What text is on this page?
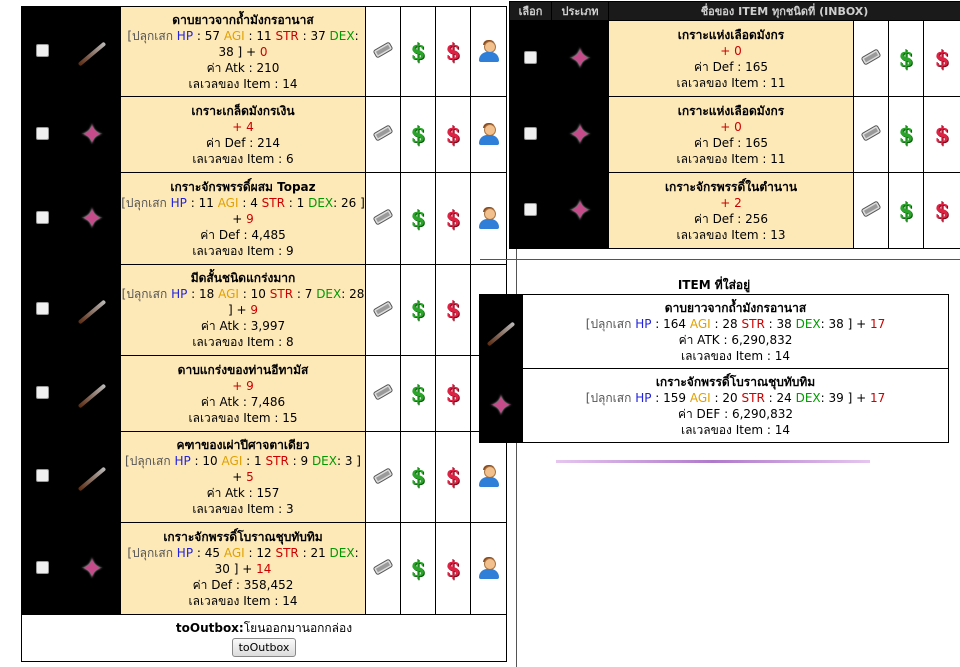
		ดาบยาวจากถ้ำมังกรอานาส
[ปลุกเสก HP : 57 AGI : 11 STR : 37 DEX: 38 ] + 0
ค่า Atk : 210
เลเวลของ Item : 14		$	$	

	✦	เกราะเกล็ดมังกรเงิน
+ 4
ค่า Def : 214
เลเวลของ Item : 6		$	$	

	✦	เกราะจักรพรรดิ์ผสม Topaz
[ปลุกเสก HP : 11 AGI : 4 STR : 1 DEX: 26 ] + 9
ค่า Def : 4,485
เลเวลของ Item : 9		$	$	

		มีดสั้นชนิดแกร่งมาก
[ปลุกเสก HP : 18 AGI : 10 STR : 7 DEX: 28 ] + 9
ค่า Atk : 3,997
เลเวลของ Item : 8		$	$	

		ดาบแกร่งของท่านอีทามัส
+ 9
ค่า Atk : 7,486
เลเวลของ Item : 15		$	$	

		คฑาของเผ่าปีศาจตาเดียว
[ปลุกเสก HP : 10 AGI : 1 STR : 9 DEX: 3 ] + 5
ค่า Atk : 157
เลเวลของ Item : 3		$	$	

	✦	เกราะจักพรรดิ์โบราณชุบทับทิม
[ปลุกเสก HP : 45 AGI : 12 STR : 21 DEX: 30 ] + 14
ค่า Def : 358,452
เลเวลของ Item : 14		$	$	

toOutbox:โยนออกมานอกกล่อง
toOutbox						
เลือก	ประเภท	ชื่อของ ITEM ทุกชนิดที่ (INBOX)			
	✦	เกราะแห่งเลือดมังกร
+ 0
ค่า Def : 165
เลเวลของ Item : 11		$	$
	✦	เกราะแห่งเลือดมังกร
+ 0
ค่า Def : 165
เลเวลของ Item : 11		$	$
	✦	เกราะจักรพรรดิ์ในตำนาน
+ 2
ค่า Def : 256
เลเวลของ Item : 13		$	$
ITEM ที่ใส่อยู่

	ดาบยาวจากถ้ำมังกรอานาส
[ปลุกเสก HP : 164 AGI : 28 STR : 38 DEX: 38 ] + 17
ค่า ATK : 6,290,832
เลเวลของ Item : 14

✦	เกราะจักพรรดิ์โบราณชุบทับทิม
[ปลุกเสก HP : 159 AGI : 20 STR : 24 DEX: 39 ] + 17
ค่า DEF : 6,290,832
เลเวลของ Item : 14
